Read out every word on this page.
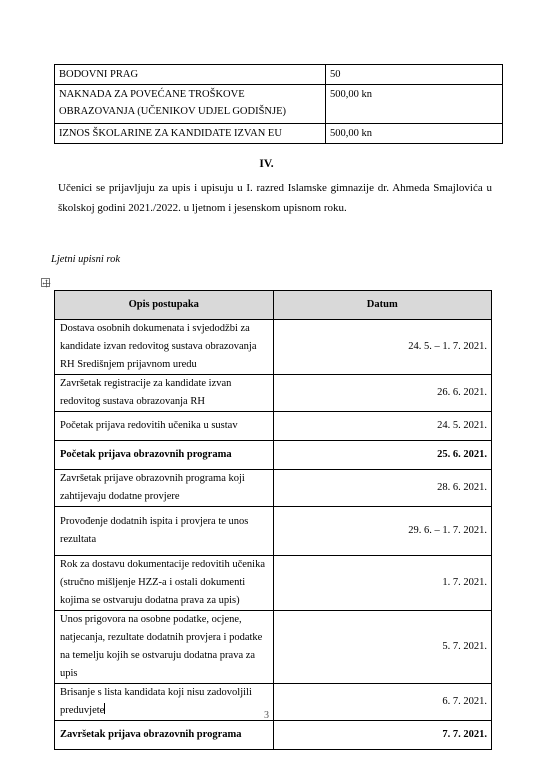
BODOVNI PRAG	50
NAKNADA ZA POVEĆANE TROŠKOVE OBRAZOVANJA (UČENIKOV UDJEL GODIŠNJE)	500,00 kn
IZNOS ŠKOLARINE ZA KANDIDATE IZVAN EU	500,00 kn
IV.
Učenici se prijavljuju za upis i upisuju u I. razred Islamske gimnazije dr. Ahmeda Smajlovića u školskoj godini 2021./2022. u ljetnom i jesenskom upisnom roku.
Ljetni upisni rok
Opis postupaka	Datum
Dostava osobnih dokumenata i svjedodžbi za kandidate izvan redovitog sustava obrazovanja RH Središnjem prijavnom uredu	24. 5. – 1. 7. 2021.
Završetak registracije za kandidate izvan redovitog sustava obrazovanja RH	26. 6. 2021.
Početak prijava redovitih učenika u sustav	24. 5. 2021.
Početak prijava obrazovnih programa	25. 6. 2021.
Završetak prijave obrazovnih programa koji zahtijevaju dodatne provjere	28. 6. 2021.
Provođenje dodatnih ispita i provjera te unos rezultata	29. 6. – 1. 7. 2021.
Rok za dostavu dokumentacije redovitih učenika (stručno mišljenje HZZ-a i ostali dokumenti kojima se ostvaruju dodatna prava za upis)	1. 7. 2021.
Unos prigovora na osobne podatke, ocjene, natjecanja, rezultate dodatnih provjera i podatke na temelju kojih se ostvaruju dodatna prava za upis	5. 7. 2021.
Brisanje s lista kandidata koji nisu zadovoljili preduvjete	6. 7. 2021.
Završetak prijava obrazovnih programa	7. 7. 2021.
3
